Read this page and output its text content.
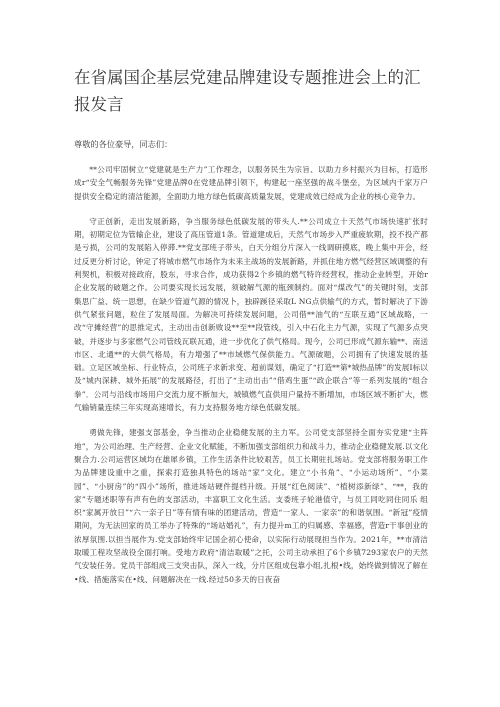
在省属国企基层党建品牌建设专题推进会上的汇报发言

尊敬的各位豪导，同志们：

**公司牢固树立“党建就是生产力”工作理念，以服务民生为宗旨、以助力乡村振兴为目标，打造形成r“安全气畅服务先锋”党建品牌0在党建品牌引领下，构建起一座坚强的战斗堡垒，为区域内千家万户提供安全稳定的清洁能源，全面助力地方绿色低碳高质量发展，党建成效已经成为企业的核心竞争力。

守正创新，走出发展新路，争当服务绿色低碳发展的带头人.**公司成立十天然气市场快速扩张时期，初期定位为管输企业，建设了高压管道1条。管道建成后，天然气市场步入严重疲软期，投不投产都是亏损，公司的发展陷入停滞.**党支部班子带头，白天分组分片深入一线调研摸底，晚上集中开会，经过反更分析讨论，钟定了将城市燃气市场作为未来主战场的发展新路，并抓住地方燃气经营区域调整的有利契机，积极对接政府，股东，寻求合作，成功获得2个乡镇的燃气特许经营权，推动企业转型，开始r企业发展的破题之作。公司要实现长远发展，须破解气源的瓶颈制约。面对“煤改气”的关键时刻，支部集思广益、统一思想，在缺少管道气源的情况卜，独辟蹊径采取L NG点供输气的方式，暂时解决了下游供气紧张问题，粒住了发展局面。为解决可持续发展问题，公司借**油气的“互联互通”区域战略，一改“守摊经营”的思推定式，主动出击创新败设**至**段管线，引入中石化主力气源，实现了气源多点突破，并逐步与多家燃气公司管线瓦联瓦通，进一步优化了供气格局。现今，公司已形成气源东输**、南送市区、北通**的大供气格局，有力增强了**市域燃气保供能力。气源破题，公司拥有了快速发展的基础。立足区域坐标、行业特点，公司班子求新求变、超前谋划，确定了“打造**第*城热品牌”的发展Ⅰ标以及“城内深耕、城外拓展”的发展路径，打出了“主动出击”“借鸡生蛋”“政企联合”等一系列发展的“组合拳”．公司与沿线市场用户交流力度不断加大，城镇燃气直供用户量持不断增加，市场区域不断扩大，燃气输销量连续三年实现高速增长，有力支持服务地方绿色低碳发展。

勇做先锋，建强支部基金，争当推动企业稳健发展的主力军。公司党支部坚持全面夯实党建“主阵地”，为公司治理、生产经营、企业文化赋能，不断加强支部组织力和战斗力，推动企业稳健发展.以文化聚合力.公司运营区域均在雄犀乡镇，工作生活条件比较艰苦，员工长期驻扎场站。党支部将服务职工作为品牌建设重中之重，探索打造独具特色的场站“家”文化。建立“小书角”、“小运动场所”、“小菜园”、“小厨房”的“四小”场所，推进场站硬件提档升级。开展“红色阅读”、“植树添新绿”、“**，我的家”专题述职等有声有色的支部活动，丰富职工文化生活。支委班子轮港值守，与员工同吃同住同乐 组织“家属开放日”“六一亲子日”等有情有味的团建活动，营造“一家人、一家亲”的和谐氛围。“新冠”疫情期间，为无法回家的员工举办了特殊的“场站婚礼”，有力提升m工的归属感、幸福感，营造r干事创业的浓厚氛围.以担当展作为.党支部始终牢记国企初心使命，以实际行动展现担当作为。2021年，**市清洁取暖工程攻坚战役全面打响。受地方政府“清洁取暖”之托，公司主动承担了6个乡镇7293家农户的天然气安装任务。党员干部组成三支突击队，深入一线，分片区组成包靠小组,扎根•线，始终做到情况了解在•线、措施落实在•线、问题解决在一线.经过50多天的日夜奋
